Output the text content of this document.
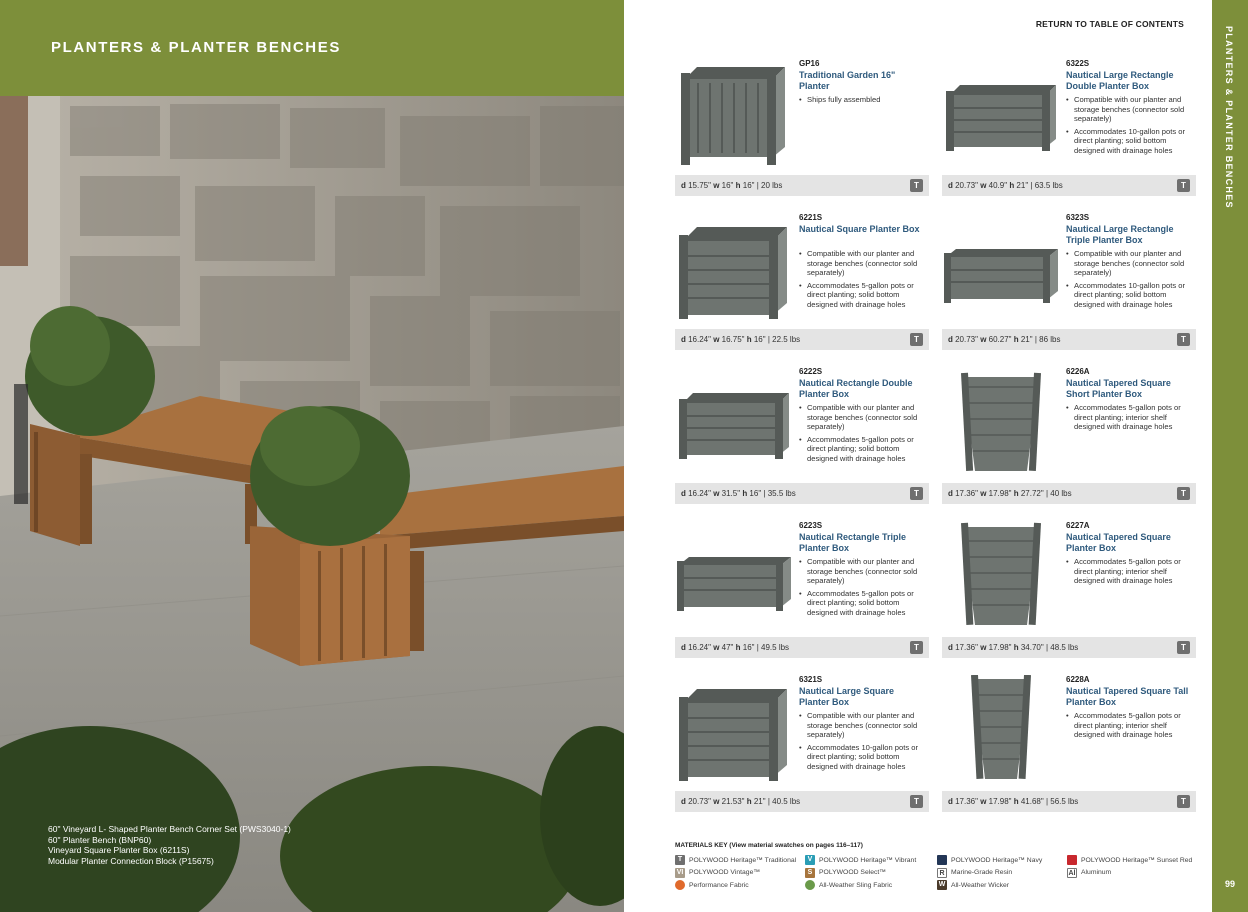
PLANTERS & PLANTER BENCHES
60" Vineyard L- Shaped Planter Bench Corner Set (PWS3040-1)
60" Planter Bench (BNP60)
Vineyard Square Planter Box (6211S)
Modular Planter Connection Block (P15675)
RETURN TO TABLE OF CONTENTS
GP16
Traditional Garden 16" Planter
• Ships fully assembled
d 15.75" w 16" h 16" | 20 lbs	T
6322S
Nautical Large Rectangle Double Planter Box
• Compatible with our planter and storage benches (connector sold separately)
• Accommodates 10-gallon pots or direct planting; solid bottom designed with drainage holes
d 20.73" w 40.9" h 21" | 63.5 lbs	T
6221S
Nautical Square Planter Box
• Compatible with our planter and storage benches (connector sold separately)
• Accommodates 5-gallon pots or direct planting; solid bottom designed with drainage holes
d 16.24" w 16.75" h 16" | 22.5 lbs	T
6323S
Nautical Large Rectangle Triple Planter Box
• Compatible with our planter and storage benches (connector sold separately)
• Accommodates 10-gallon pots or direct planting; solid bottom designed with drainage holes
d 20.73" w 60.27" h 21" | 86 lbs	T
6222S
Nautical Rectangle Double Planter Box
• Compatible with our planter and storage benches (connector sold separately)
• Accommodates 5-gallon pots or direct planting; solid bottom designed with drainage holes
d 16.24" w 31.5" h 16" | 35.5 lbs	T
6226A
Nautical Tapered Square Short Planter Box
• Accommodates 5-gallon pots or direct planting; interior shelf designed with drainage holes
d 17.36" w 17.98" h 27.72" | 40 lbs	T
6223S
Nautical Rectangle Triple Planter Box
• Compatible with our planter and storage benches (connector sold separately)
• Accommodates 5-gallon pots or direct planting; solid bottom designed with drainage holes
d 16.24" w 47" h 16" | 49.5 lbs	T
6227A
Nautical Tapered Square Planter Box
• Accommodates 5-gallon pots or direct planting; interior shelf designed with drainage holes
d 17.36" w 17.98" h 34.70" | 48.5 lbs	T
6321S
Nautical Large Square Planter Box
• Compatible with our planter and storage benches (connector sold separately)
• Accommodates 10-gallon pots or direct planting; solid bottom designed with drainage holes
d 20.73" w 21.53" h 21" | 40.5 lbs	T
6228A
Nautical Tapered Square Tall Planter Box
• Accommodates 5-gallon pots or direct planting; interior shelf designed with drainage holes
d 17.36" w 17.98" h 41.68" | 56.5 lbs	T
MATERIALS KEY (View material swatches on pages 116–117)
T	POLYWOOD Heritage™ Traditional	V POLYWOOD Heritage™ Vibrant	POLYWOOD Heritage™ Navy	POLYWOOD Heritage™ Sunset Red
VI POLYWOOD Vintage™	S POLYWOOD Select™	R Marine-Grade Resin	Al Aluminum
Performance Fabric	All-Weather Sling Fabric	W All-Weather Wicker
PLANTERS & PLANTER BENCHES
99
